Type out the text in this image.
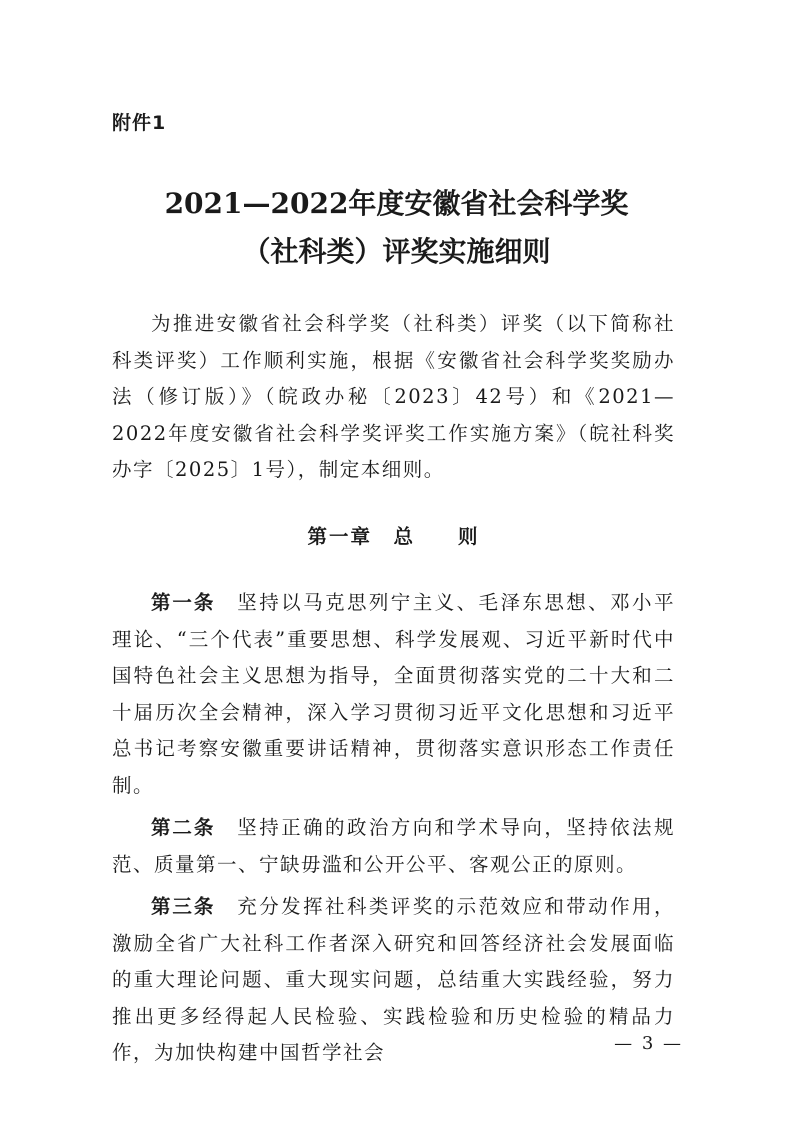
附件1
2021—2022年度安徽省社会科学奖
（社科类）评奖实施细则

为推进安徽省社会科学奖（社科类）评奖（以下简称社科类评奖）工作顺利实施，根据《安徽省社会科学奖奖励办法（修订版）》（皖政办秘〔2023〕42号）和《2021—2022年度安徽省社会科学奖评奖工作实施方案》（皖社科奖办字〔2025〕1号），制定本细则。

第一章　总　　则

第一条 坚持以马克思列宁主义、毛泽东思想、邓小平理论、“三个代表”重要思想、科学发展观、习近平新时代中国特色社会主义思想为指导，全面贯彻落实党的二十大和二十届历次全会精神，深入学习贯彻习近平文化思想和习近平总书记考察安徽重要讲话精神，贯彻落实意识形态工作责任制。

第二条 坚持正确的政治方向和学术导向，坚持依法规范、质量第一、宁缺毋滥和公开公平、客观公正的原则。

第三条 充分发挥社科类评奖的示范效应和带动作用，激励全省广大社科工作者深入研究和回答经济社会发展面临的重大理论问题、重大现实问题，总结重大实践经验，努力推出更多经得起人民检验、实践检验和历史检验的精品力作，为加快构建中国哲学社会	— 3 —
